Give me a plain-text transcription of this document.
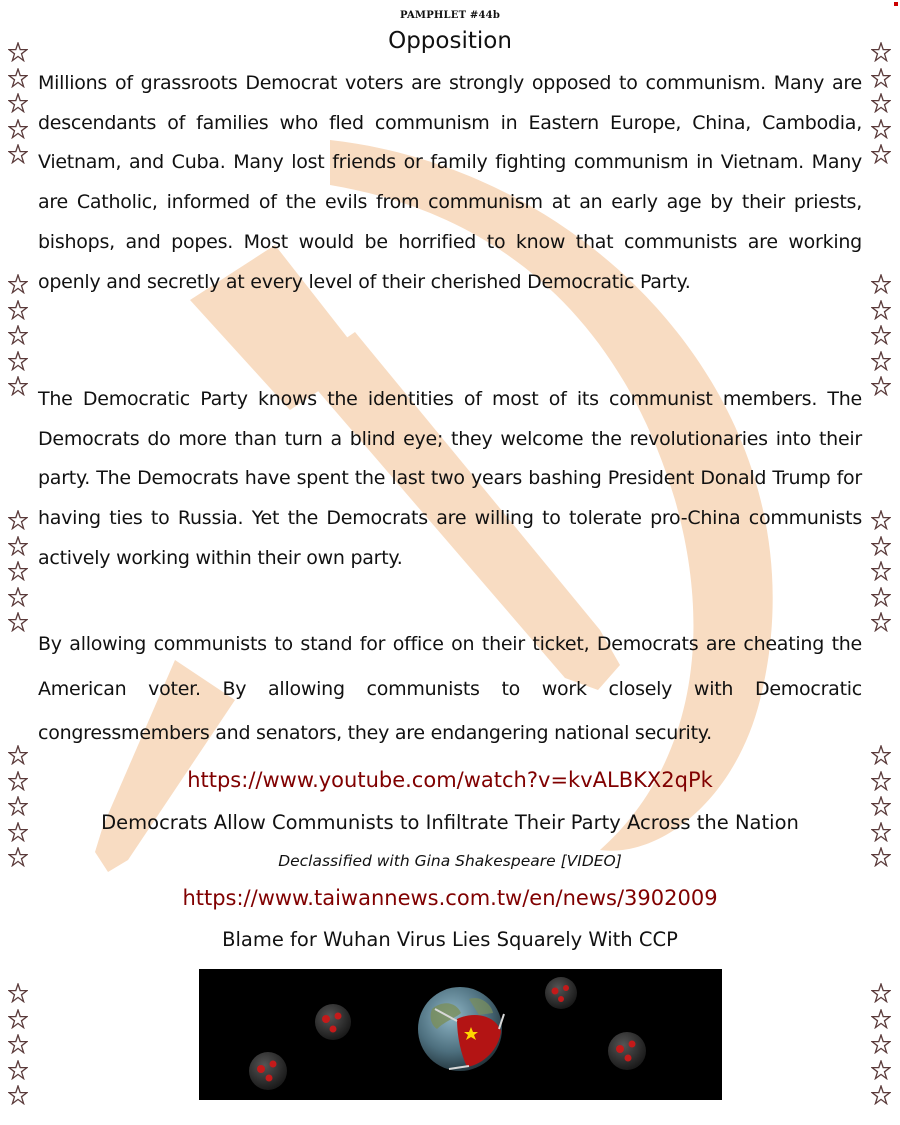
PAMPHLET #44b
Opposition

Millions of grassroots Democrat voters are strongly opposed to communism. Many are descendants of families who fled communism in Eastern Europe, China, Cambodia, Vietnam, and Cuba. Many lost friends or family fighting communism in Vietnam. Many are Catholic, informed of the evils from communism at an early age by their priests, bishops, and popes. Most would be horrified to know that communists are working openly and secretly at every level of their cherished Democratic Party.

The Democratic Party knows the identities of most of its communist members. The Democrats do more than turn a blind eye; they welcome the revolutionaries into their party. The Democrats have spent the last two years bashing President Donald Trump for having ties to Russia. Yet the Democrats are willing to tolerate pro-China communists actively working within their own party.

By allowing communists to stand for office on their ticket, Democrats are cheating the American voter. By allowing communists to work closely with Democratic congressmembers and senators, they are endangering national security.

https://www.youtube.com/watch?v=kvALBKX2qPk
Democrats Allow Communists to Infiltrate Their Party Across the Nation
Declassified with Gina Shakespeare [VIDEO]
https://www.taiwannews.com.tw/en/news/3902009
Blame for Wuhan Virus Lies Squarely With CCP
